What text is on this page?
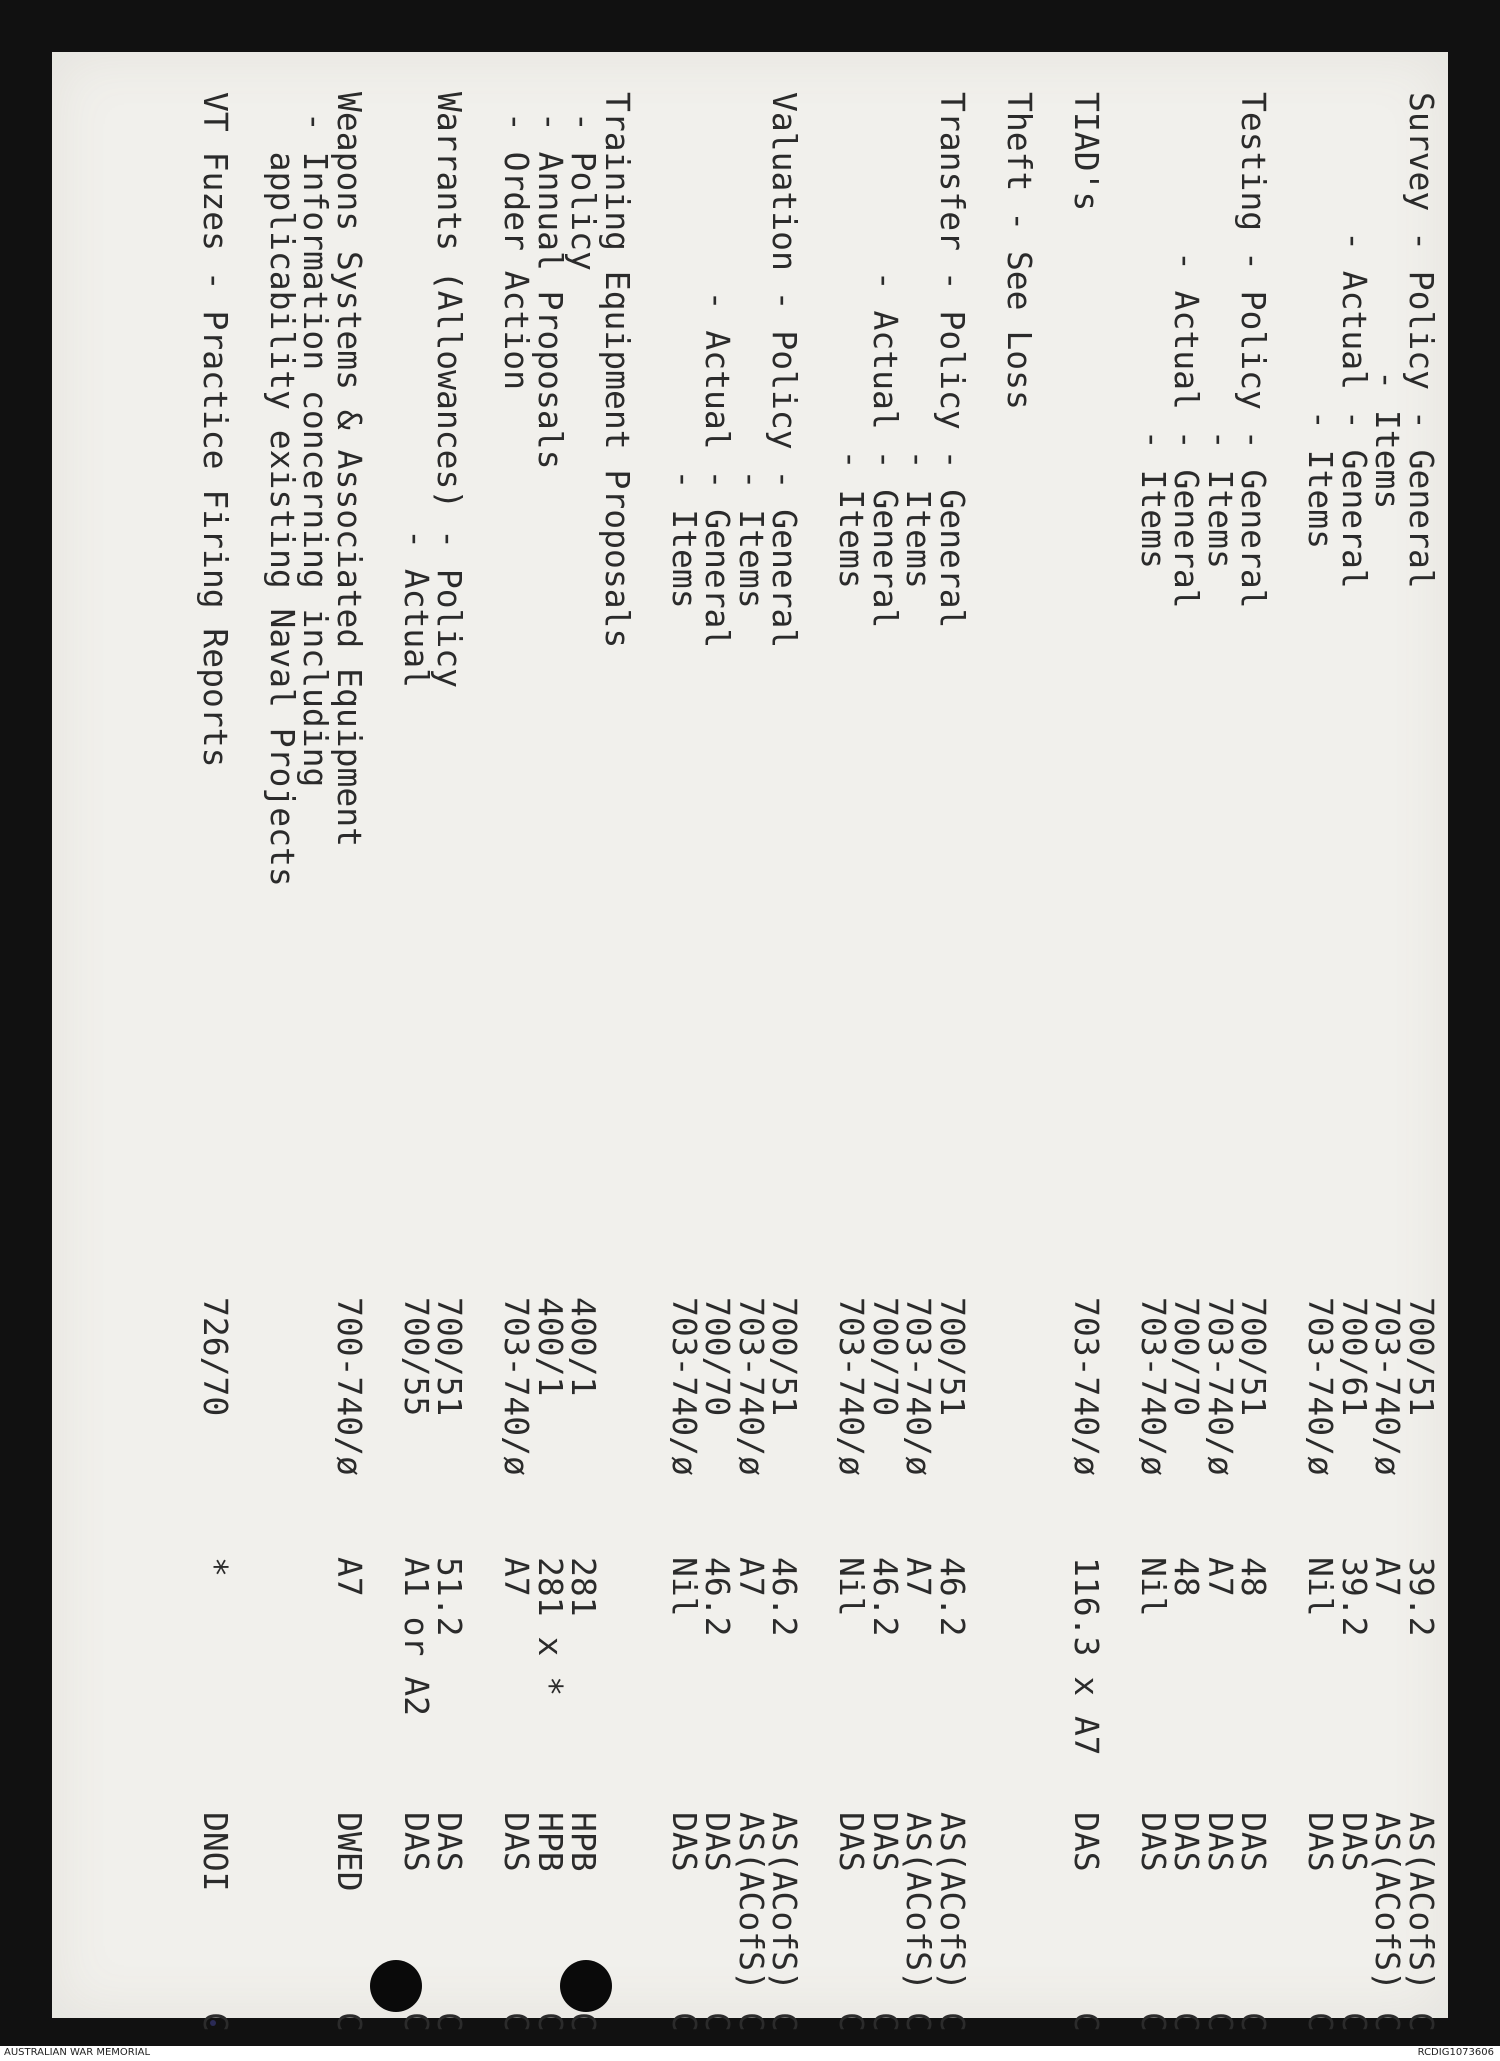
Survey - Policy - General
700/51
39.2
AS(ACofS)
C
- Items
703-740/ø
A7
AS(ACofS)
C
- Actual - General
700/61
39.2
DAS
C
- Items
703-740/ø
Nil
DAS
C
Testing - Policy - General
700/51
48
DAS
C
- Items
703-740/ø
A7
DAS
C
- Actual - General
700/70
48
DAS
C
- Items
703-740/ø
Nil
DAS
C
TIAD's
703-740/ø
116.3 x A7
DAS
C
Theft - See Loss
Transfer - Policy - General
700/51
46.2
AS(ACofS)
C
- Items
703-740/ø
A7
AS(ACofS)
C
- Actual - General
700/70
46.2
DAS
C
- Items
703-740/ø
Nil
DAS
C
Valuation - Policy - General
700/51
46.2
AS(ACofS)
C
- Items
703-740/ø
A7
AS(ACofS)
C
- Actual - General
700/70
46.2
DAS
C
- Items
703-740/ø
Nil
DAS
C
Training Equipment Proposals
- Policy
400/1
281
HPB
C
- Annual Proposals
400/1
281 x *
HPB
C
- Order Action
703-740/ø
A7
DAS
C
Warrants (Allowances) - Policy
700/51
51.2
DAS
C
- Actual
700/55
A1 or A2
DAS
C
Weapons Systems & Associated Equipment
700-740/ø
A7
DWED
C
- Information concerning including
applicability existing Naval Projects
VT Fuzes - Practice Firing Reports
726/70
*
DNOI
C
AUSTRALIAN WAR MEMORIAL	RCDIG1073606
